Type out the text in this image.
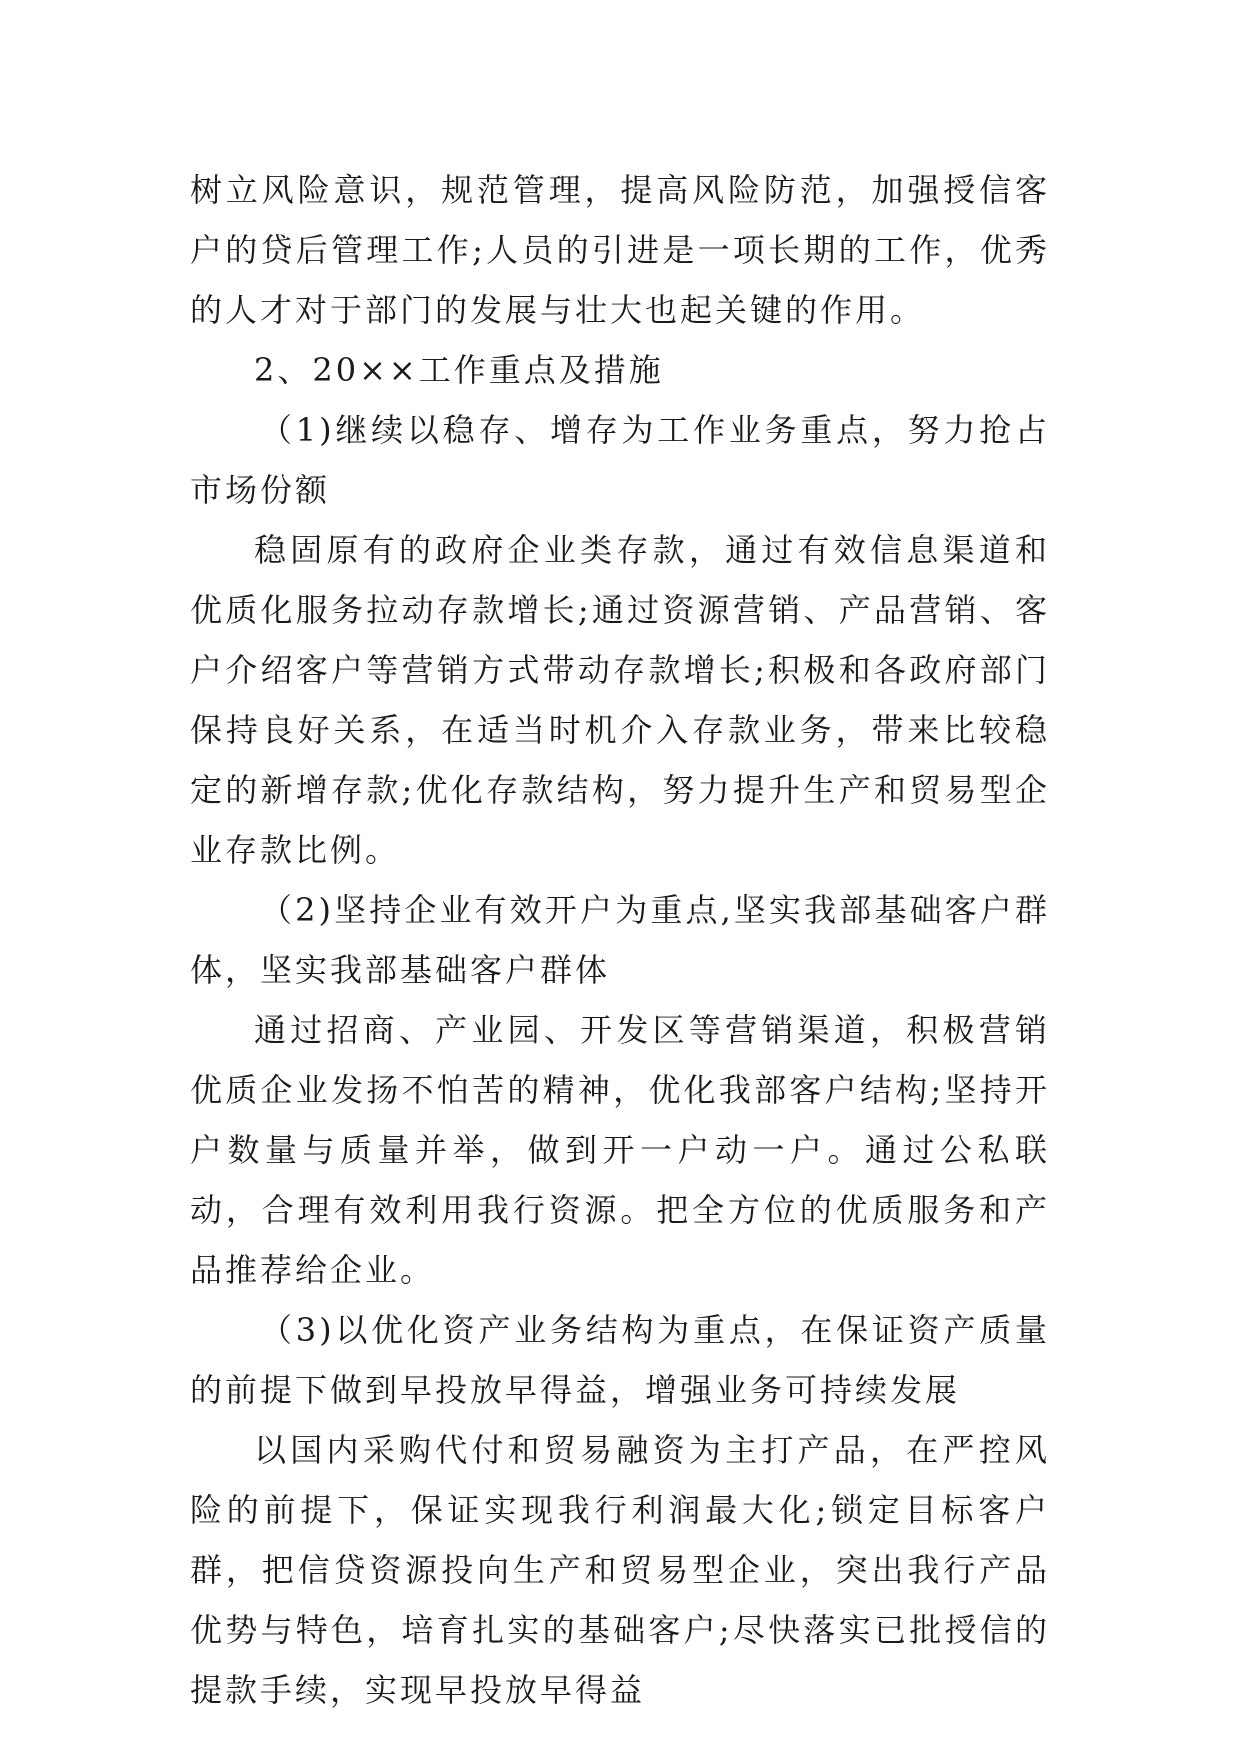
树立风险意识，规范管理，提高风险防范，加强授信客户的贷后管理工作;人员的引进是一项长期的工作，优秀的人才对于部门的发展与壮大也起关键的作用。

2、20××工作重点及措施

（1)继续以稳存、增存为工作业务重点，努力抢占市场份额

稳固原有的政府企业类存款，通过有效信息渠道和优质化服务拉动存款增长;通过资源营销、产品营销、客户介绍客户等营销方式带动存款增长;积极和各政府部门保持良好关系，在适当时机介入存款业务，带来比较稳定的新增存款;优化存款结构，努力提升生产和贸易型企业存款比例。

（2)坚持企业有效开户为重点,坚实我部基础客户群体，坚实我部基础客户群体

通过招商、产业园、开发区等营销渠道，积极营销优质企业发扬不怕苦的精神，优化我部客户结构;坚持开户数量与质量并举，做到开一户动一户。通过公私联动，合理有效利用我行资源。把全方位的优质服务和产品推荐给企业。

（3)以优化资产业务结构为重点，在保证资产质量的前提下做到早投放早得益，增强业务可持续发展

以国内采购代付和贸易融资为主打产品，在严控风险的前提下，保证实现我行利润最大化;锁定目标客户群，把信贷资源投向生产和贸易型企业，突出我行产品优势与特色，培育扎实的基础客户;尽快落实已批授信的提款手续，实现早投放早得益
